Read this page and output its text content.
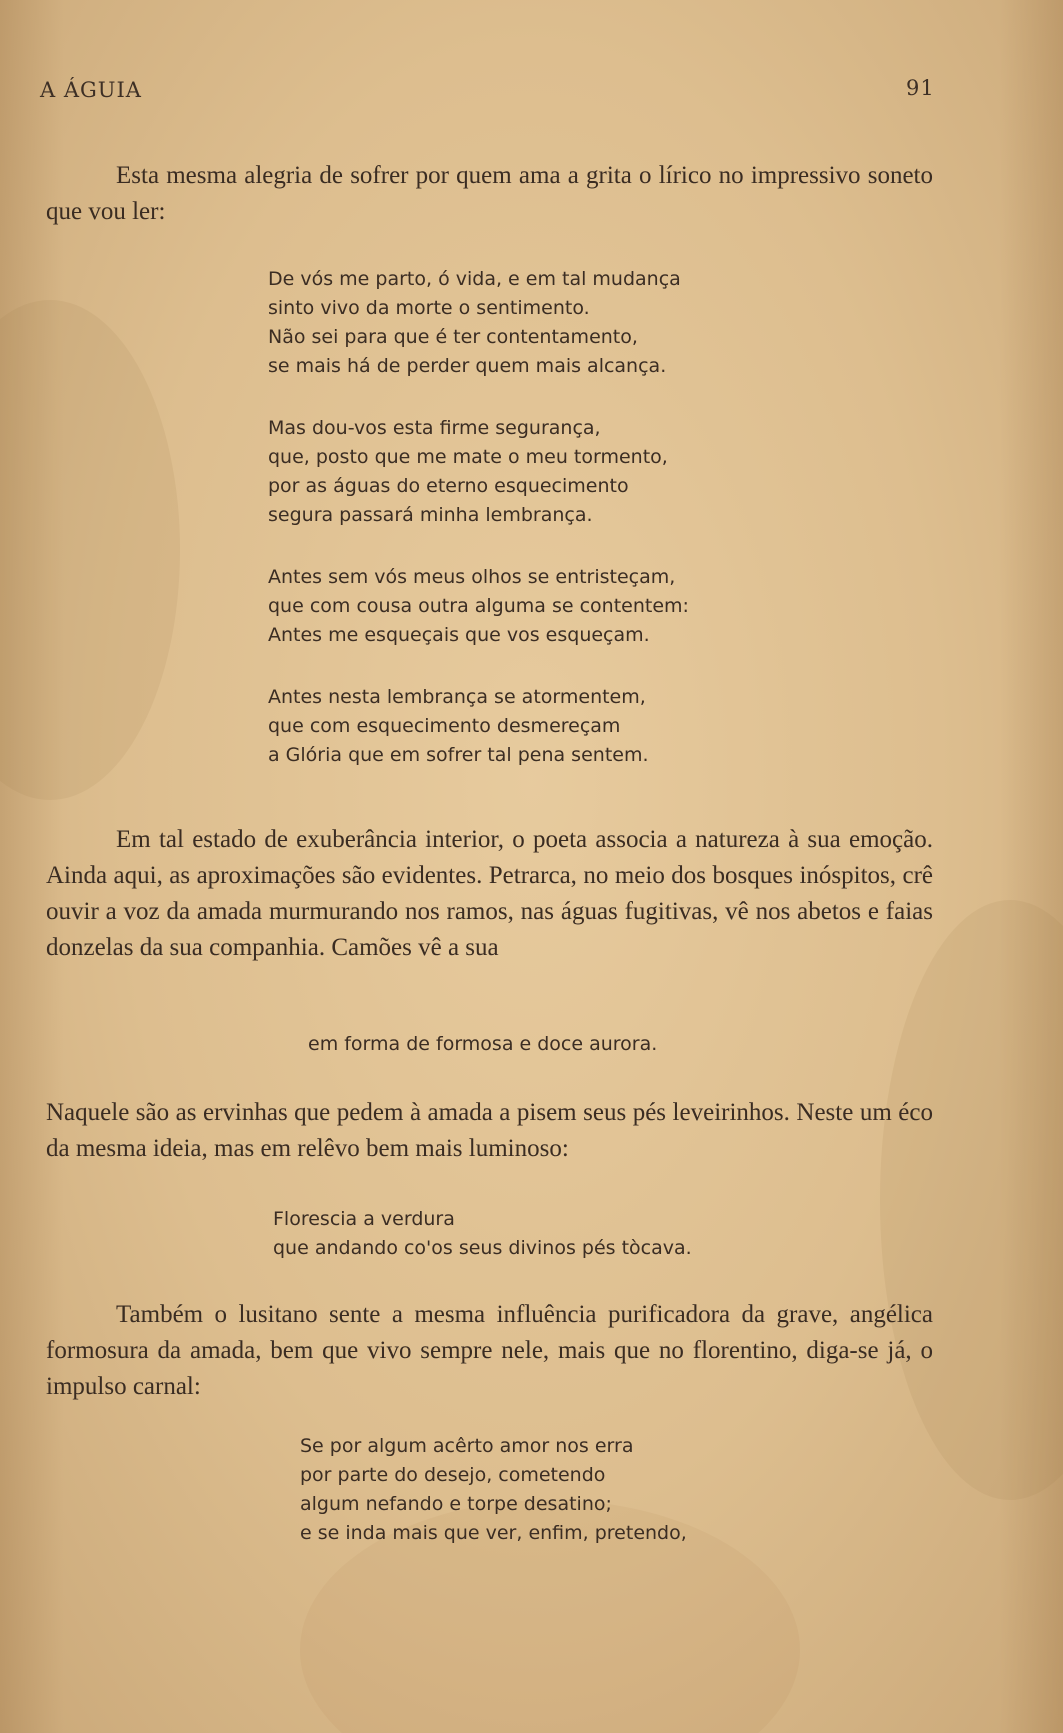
A ÁGUIA	91

Esta mesma alegria de sofrer por quem ama a grita o lírico no impressivo soneto que vou ler:

De vós me parto, ó vida, e em tal mudança
sinto vivo da morte o sentimento.
Não sei para que é ter contentamento,
se mais há de perder quem mais alcança.
Mas dou-vos esta firme segurança,
que, posto que me mate o meu tormento,
por as águas do eterno esquecimento
segura passará minha lembrança.
Antes sem vós meus olhos se entristeçam,
que com cousa outra alguma se contentem:
Antes me esqueçais que vos esqueçam.
Antes nesta lembrança se atormentem,
que com esquecimento desmereçam
a Glória que em sofrer tal pena sentem.

Em tal estado de exuberância interior, o poeta associa a natureza à sua emoção. Ainda aqui, as aproximações são evidentes. Petrarca, no meio dos bosques inóspitos, crê ouvir a voz da amada murmurando nos ramos, nas águas fugitivas, vê nos abetos e faias donzelas da sua companhia. Camões vê a sua

em forma de formosa e doce aurora.

Naquele são as ervinhas que pedem à amada a pisem seus pés leveirinhos. Neste um éco da mesma ideia, mas em relêvo bem mais luminoso:

Florescia a verdura
que andando co'os seus divinos pés tòcava.

Também o lusitano sente a mesma influência purificadora da grave, angélica formosura da amada, bem que vivo sempre nele, mais que no florentino, diga-se já, o impulso carnal:

Se por algum acêrto amor nos erra
por parte do desejo, cometendo
algum nefando e torpe desatino;
e se inda mais que ver, enfim, pretendo,
